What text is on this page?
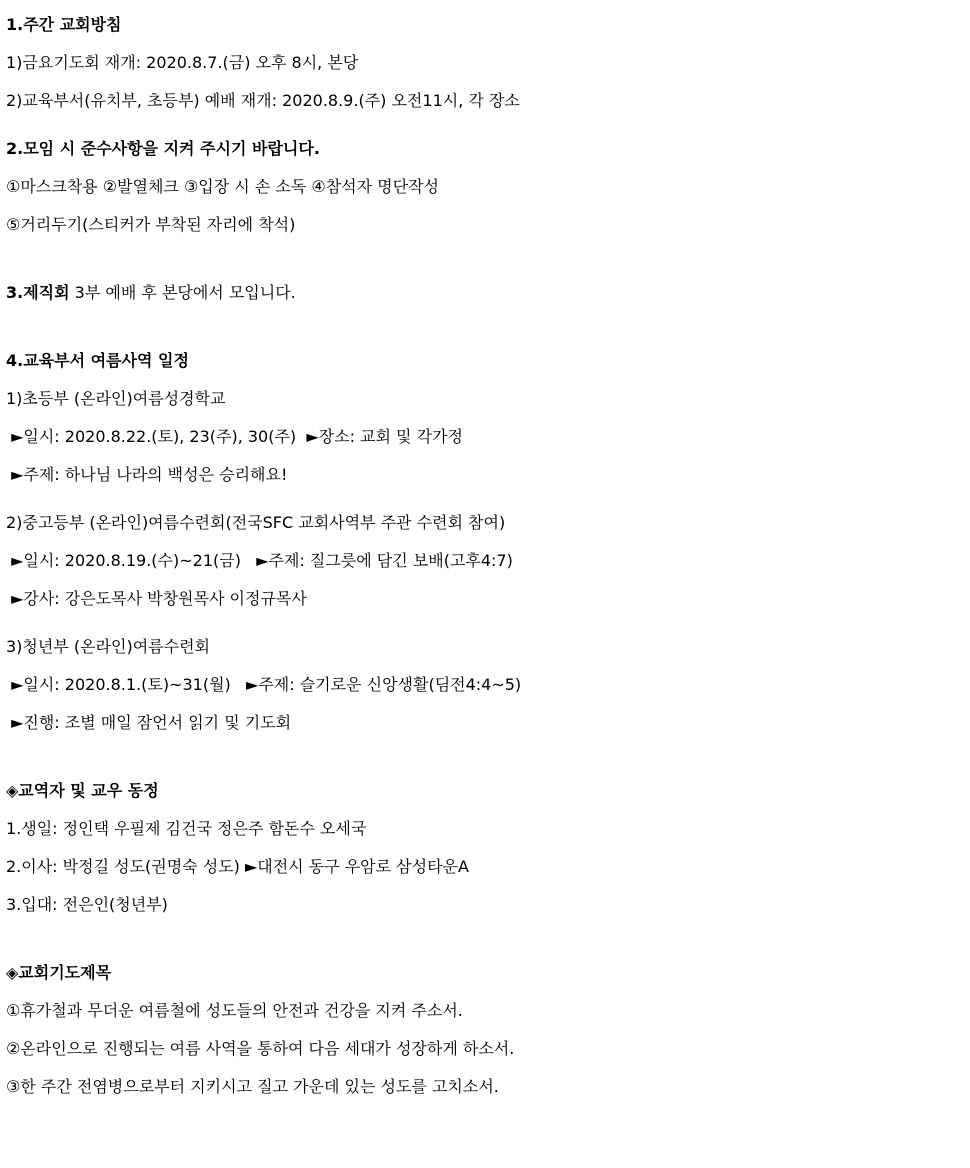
1.주간 교회방침
1)금요기도회 재개: 2020.8.7.(금) 오후 8시, 본당
2)교육부서(유치부, 초등부) 예배 재개: 2020.8.9.(주) 오전11시, 각 장소
2.모임 시 준수사항을 지켜 주시기 바랍니다.
①마스크착용 ②발열체크 ③입장 시 손 소독 ④참석자 명단작성
⑤거리두기(스티커가 부착된 자리에 착석)
3.제직회 3부 예배 후 본당에서 모입니다.
4.교육부서 여름사역 일정
1)초등부 (온라인)여름성경학교
►일시: 2020.8.22.(토), 23(주), 30(주)  ►장소: 교회 및 각가정
►주제: 하나님 나라의 백성은 승리해요!
2)중고등부 (온라인)여름수련회(전국SFC 교회사역부 주관 수련회 참여)
►일시: 2020.8.19.(수)~21(금)   ►주제: 질그릇에 담긴 보배(고후4:7)
►강사: 강은도목사 박창원목사 이정규목사
3)청년부 (온라인)여름수련회
►일시: 2020.8.1.(토)~31(월)   ►주제: 슬기로운 신앙생활(딤전4:4~5)
►진행: 조별 매일 잠언서 읽기 및 기도회
◈교역자 및 교우 동정
1.생일: 정인택 우필제 김건국 정은주 함돈수 오세국
2.이사: 박정길 성도(권명숙 성도) ►대전시 동구 우암로 삼성타운A
3.입대: 전은인(청년부)
◈교회기도제목
①휴가철과 무더운 여름철에 성도들의 안전과 건강을 지켜 주소서.
②온라인으로 진행되는 여름 사역을 통하여 다음 세대가 성장하게 하소서.
③한 주간 전염병으로부터 지키시고 질고 가운데 있는 성도를 고치소서.
